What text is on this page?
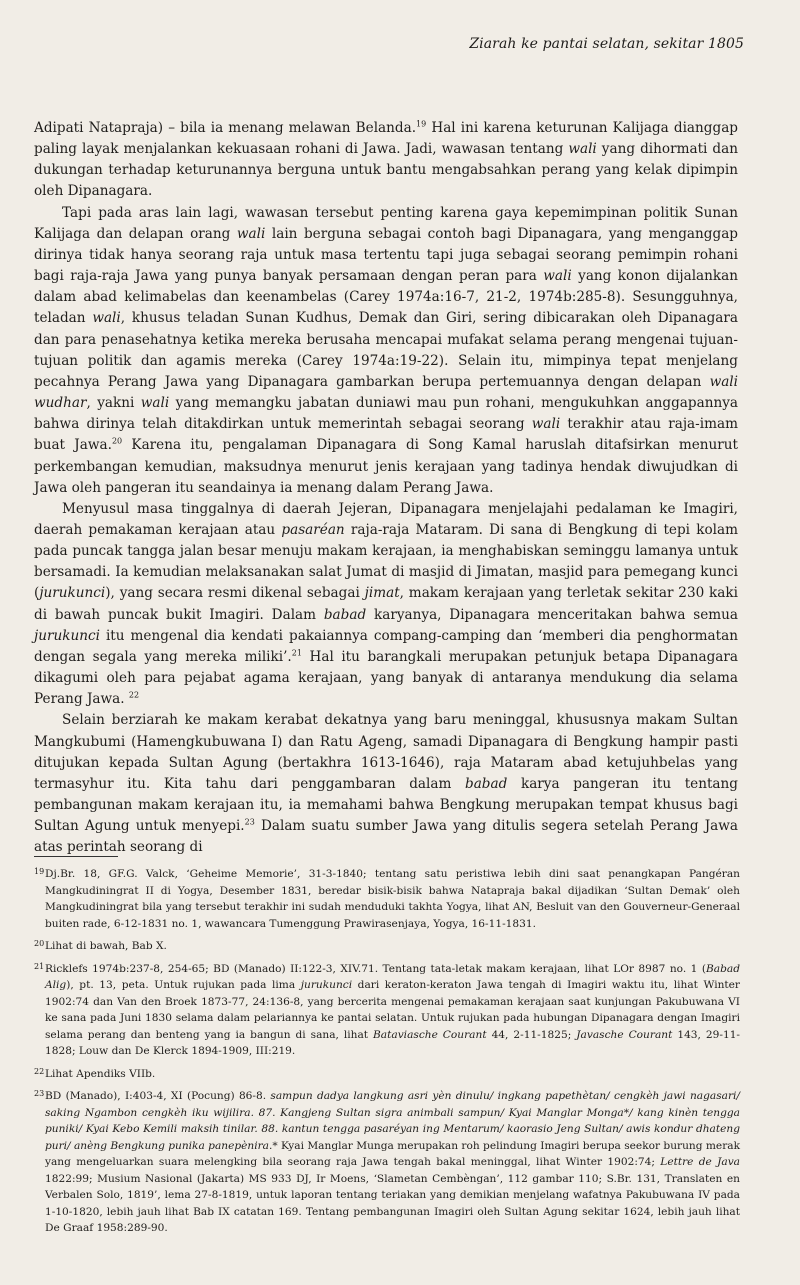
Ziarah ke pantai selatan, sekitar 1805

Adipati Natapraja) – bila ia menang melawan Belanda.$^{19}$ Hal ini karena keturunan Kalijaga dianggap paling layak menjalankan kekuasaan rohani di Jawa. Jadi, wawasan tentang wali yang dihormati dan dukungan terhadap keturunannya berguna untuk bantu mengabsahkan perang yang kelak dipimpin oleh Dipanagara.

Tapi pada aras lain lagi, wawasan tersebut penting karena gaya kepemimpinan politik Sunan Kalijaga dan delapan orang wali lain berguna sebagai contoh bagi Dipanagara, yang menganggap dirinya tidak hanya seorang raja untuk masa tertentu tapi juga sebagai seorang pemimpin rohani bagi raja-raja Jawa yang punya banyak persamaan dengan peran para wali yang konon dijalankan dalam abad kelimabelas dan keenambelas (Carey 1974a:16-7, 21-2, 1974b:285-8). Sesungguhnya, teladan wali, khusus teladan Sunan Kudhus, Demak dan Giri, sering dibicarakan oleh Dipanagara dan para penasehatnya ketika mereka berusaha mencapai mufakat selama perang mengenai tujuan-tujuan politik dan agamis mereka (Carey 1974a:19-22). Selain itu, mimpinya tepat menjelang pecahnya Perang Jawa yang Dipanagara gambarkan berupa pertemuannya dengan delapan wali wudhar, yakni wali yang memangku jabatan duniawi mau pun rohani, mengukuhkan anggapannya bahwa dirinya telah ditakdirkan untuk memerintah sebagai seorang wali terakhir atau raja-imam buat Jawa.$^{20}$ Karena itu, pengalaman Dipanagara di Song Kamal haruslah ditafsirkan menurut perkembangan kemudian, maksudnya menurut jenis kerajaan yang tadinya hendak diwujudkan di Jawa oleh pangeran itu seandainya ia menang dalam Perang Jawa.

Menyusul masa tinggalnya di daerah Jejeran, Dipanagara menjelajahi pedalaman ke Imagiri, daerah pemakaman kerajaan atau pasaréan raja-raja Mataram. Di sana di Bengkung di tepi kolam pada puncak tangga jalan besar menuju makam kerajaan, ia menghabiskan seminggu lamanya untuk bersamadi. Ia kemudian melaksanakan salat Jumat di masjid di Jimatan, masjid para pemegang kunci (jurukunci), yang secara resmi dikenal sebagai jimat, makam kerajaan yang terletak sekitar 230 kaki di bawah puncak bukit Imagiri. Dalam babad karyanya, Dipanagara menceritakan bahwa semua jurukunci itu mengenal dia kendati pakaiannya compang-camping dan ‘memberi dia penghormatan dengan segala yang mereka miliki’.$^{21}$ Hal itu barangkali merupakan petunjuk betapa Dipanagara dikagumi oleh para pejabat agama kerajaan, yang banyak di antaranya mendukung dia selama Perang Jawa. $^{22}$

Selain berziarah ke makam kerabat dekatnya yang baru meninggal, khususnya makam Sultan Mangkubumi (Hamengkubuwana I) dan Ratu Ageng, samadi Dipanagara di Bengkung hampir pasti ditujukan kepada Sultan Agung (bertakhra 1613-1646), raja Mataram abad ketujuhbelas yang termasyhur itu. Kita tahu dari penggambaran dalam babad karya pangeran itu tentang pembangunan makam kerajaan itu, ia memahami bahwa Bengkung merupakan tempat khusus bagi Sultan Agung untuk menyepi.$^{23}$ Dalam suatu sumber Jawa yang ditulis segera setelah Perang Jawa atas perintah seorang di

19 Dj.Br. 18, GF.G. Valck, ‘Geheime Memorie’, 31-3-1840; tentang satu peristiwa lebih dini saat penangkapan Pangéran Mangkudiningrat II di Yogya, Desember 1831, beredar bisik-bisik bahwa Natapraja bakal dijadikan ‘Sultan Demak’ oleh Mangkudiningrat bila yang tersebut terakhir ini sudah menduduki takhta Yogya, lihat AN, Besluit van den Gouverneur-Generaal buiten rade, 6-12-1831 no. 1, wawancara Tumenggung Prawirasenjaya, Yogya, 16-11-1831.
20 Lihat di bawah, Bab X.
21 Ricklefs 1974b:237-8, 254-65; BD (Manado) II:122-3, XIV.71. Tentang tata-letak makam kerajaan, lihat LOr 8987 no. 1 (Babad Alig), pt. 13, peta. Untuk rujukan pada lima jurukunci dari keraton-keraton Jawa tengah di Imagiri waktu itu, lihat Winter 1902:74 dan Van den Broek 1873-77, 24:136-8, yang bercerita mengenai pemakaman kerajaan saat kunjungan Pakubuwana VI ke sana pada Juni 1830 selama dalam pelariannya ke pantai selatan. Untuk rujukan pada hubungan Dipanagara dengan Imagiri selama perang dan benteng yang ia bangun di sana, lihat Bataviasche Courant 44, 2-11-1825; Javasche Courant 143, 29-11-1828; Louw dan De Klerck 1894-1909, III:219.
22 Lihat Apendiks VIIb.
23 BD (Manado), I:403-4, XI (Pocung) 86-8. sampun dadya langkung asri yèn dinulu/ ingkang papethètan/ cengkèh jawi nagasari/ saking Ngambon cengkèh iku wijilira. 87. Kangjeng Sultan sigra animbali sampun/ Kyai Manglar Monga*/ kang kinèn tengga puniki/ Kyai Kebo Kemili maksih tinilar. 88. kantun tengga pasaréyan ing Mentarum/ kaorasio Jeng Sultan/ awis kondur dhateng puri/ anèng Bengkung punika panepènira.* Kyai Manglar Munga merupakan roh pelindung Imagiri berupa seekor burung merak yang mengeluarkan suara melengking bila seorang raja Jawa tengah bakal meninggal, lihat Winter 1902:74; Lettre de Java 1822:99; Musium Nasional (Jakarta) MS 933 DJ, Ir Moens, ‘Slametan Cembèngan’, 112 gambar 110; S.Br. 131, Translaten en Verbalen Solo, 1819’, lema 27-8-1819, untuk laporan tentang teriakan yang demikian menjelang wafatnya Pakubuwana IV pada 1-10-1820, lebih jauh lihat Bab IX catatan 169. Tentang pembangunan Imagiri oleh Sultan Agung sekitar 1624, lebih jauh lihat De Graaf 1958:289-90.
